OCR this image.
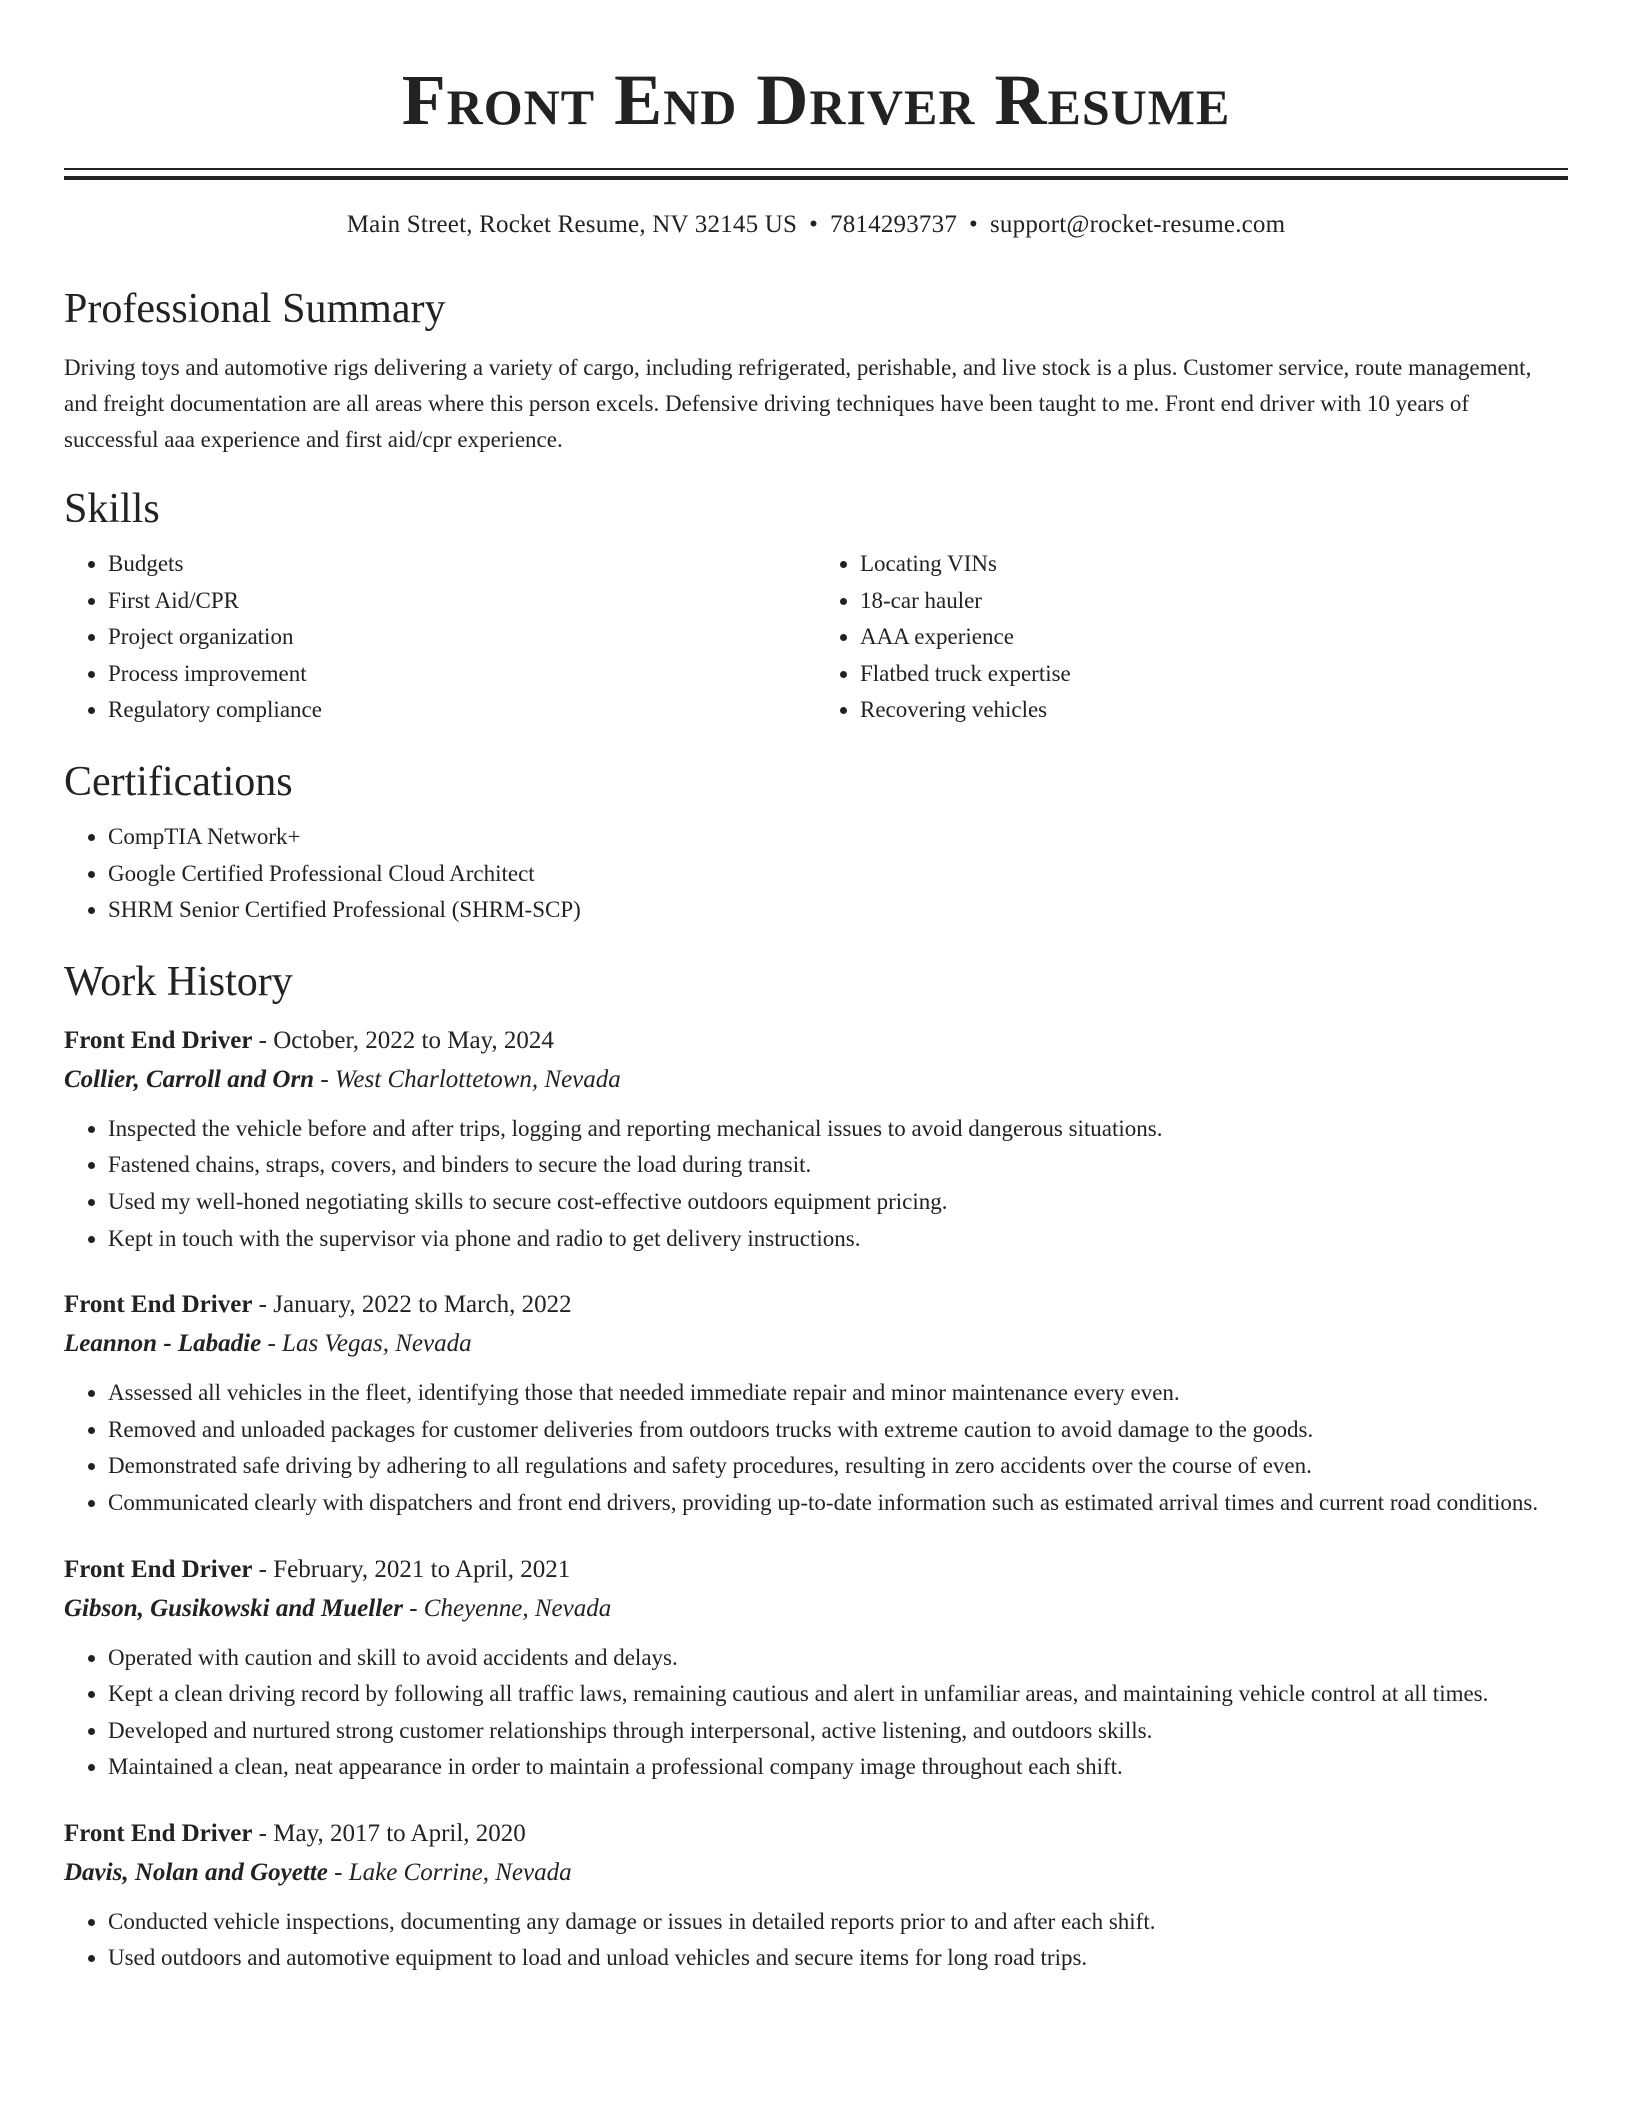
Front End Driver Resume
Main Street, Rocket Resume, NV 32145 US • 7814293737 • support@rocket-resume.com
Professional Summary

Driving toys and automotive rigs delivering a variety of cargo, including refrigerated, perishable, and live stock is a plus. Customer service, route management, and freight documentation are all areas where this person excels. Defensive driving techniques have been taught to me. Front end driver with 10 years of successful aaa experience and first aid/cpr experience.

Skills
• Budgets
• First Aid/CPR
• Project organization
• Process improvement
• Regulatory compliance
• Locating VINs
• 18-car hauler
• AAA experience
• Flatbed truck expertise
• Recovering vehicles
Certifications
• CompTIA Network+
• Google Certified Professional Cloud Architect
• SHRM Senior Certified Professional (SHRM-SCP)
Work History
Front End Driver - October, 2022 to May, 2024
Collier, Carroll and Orn - West Charlottetown, Nevada
• Inspected the vehicle before and after trips, logging and reporting mechanical issues to avoid dangerous situations.
• Fastened chains, straps, covers, and binders to secure the load during transit.
• Used my well-honed negotiating skills to secure cost-effective outdoors equipment pricing.
• Kept in touch with the supervisor via phone and radio to get delivery instructions.
Front End Driver - January, 2022 to March, 2022
Leannon - Labadie - Las Vegas, Nevada
• Assessed all vehicles in the fleet, identifying those that needed immediate repair and minor maintenance every even.
• Removed and unloaded packages for customer deliveries from outdoors trucks with extreme caution to avoid damage to the goods.
• Demonstrated safe driving by adhering to all regulations and safety procedures, resulting in zero accidents over the course of even.
• Communicated clearly with dispatchers and front end drivers, providing up-to-date information such as estimated arrival times and current road conditions.
Front End Driver - February, 2021 to April, 2021
Gibson, Gusikowski and Mueller - Cheyenne, Nevada
• Operated with caution and skill to avoid accidents and delays.
• Kept a clean driving record by following all traffic laws, remaining cautious and alert in unfamiliar areas, and maintaining vehicle control at all times.
• Developed and nurtured strong customer relationships through interpersonal, active listening, and outdoors skills.
• Maintained a clean, neat appearance in order to maintain a professional company image throughout each shift.
Front End Driver - May, 2017 to April, 2020
Davis, Nolan and Goyette - Lake Corrine, Nevada
• Conducted vehicle inspections, documenting any damage or issues in detailed reports prior to and after each shift.
• Used outdoors and automotive equipment to load and unload vehicles and secure items for long road trips.
